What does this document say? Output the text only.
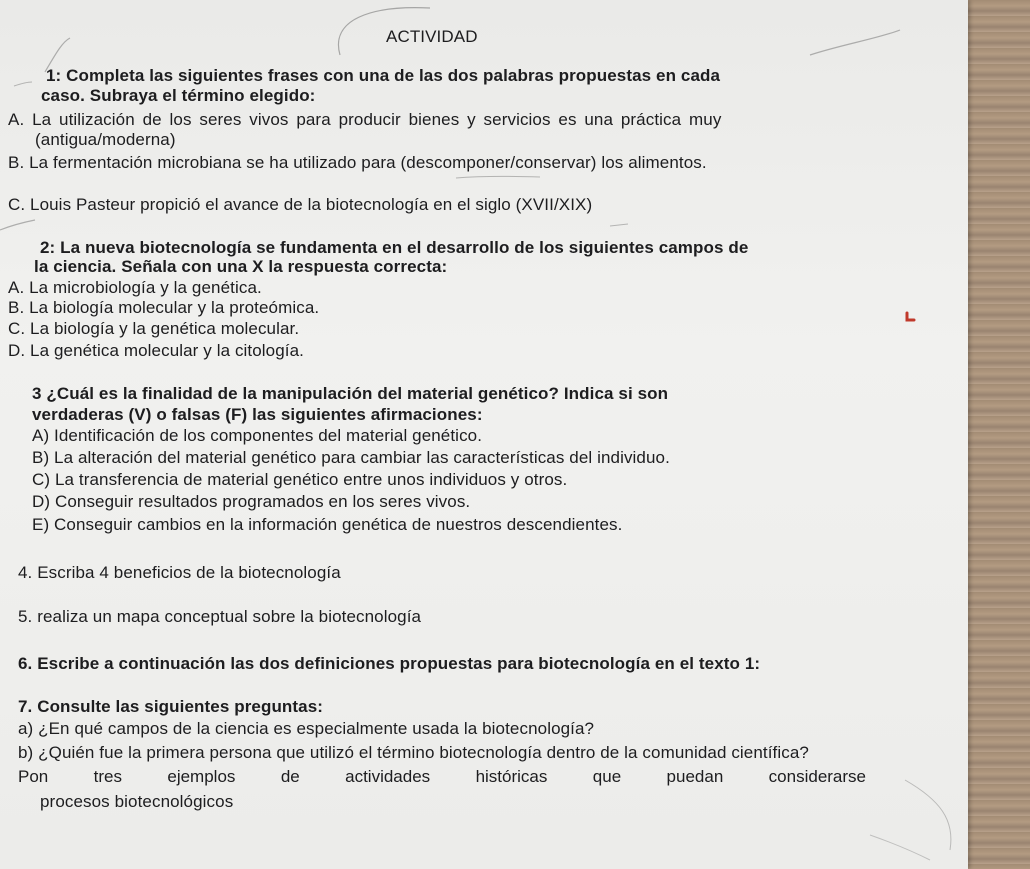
ACTIVIDAD
1: Completa las siguientes frases con una de las dos palabras propuestas en cada
caso. Subraya el término elegido:
A. La utilización de los seres vivos para producir bienes y servicios es una práctica muy
(antigua/moderna)
B. La fermentación microbiana se ha utilizado para (descomponer/conservar) los alimentos.
C. Louis Pasteur propició el avance de la biotecnología en el siglo (XVII/XIX)
2: La nueva biotecnología se fundamenta en el desarrollo de los siguientes campos de
la ciencia. Señala con una X la respuesta correcta:
A. La microbiología y la genética.
B. La biología molecular y la proteómica.
C. La biología y la genética molecular.
D. La genética molecular y la citología.
3 ¿Cuál es la finalidad de la manipulación del material genético? Indica si son
verdaderas (V) o falsas (F) las siguientes afirmaciones:
A) Identificación de los componentes del material genético.
B) La alteración del material genético para cambiar las características del individuo.
C) La transferencia de material genético entre unos individuos y otros.
D) Conseguir resultados programados en los seres vivos.
E) Conseguir cambios en la información genética de nuestros descendientes.
4. Escriba 4 beneficios de la biotecnología
5. realiza un mapa conceptual sobre la biotecnología
6. Escribe a continuación las dos definiciones propuestas para biotecnología en el texto 1:
7. Consulte las siguientes preguntas:
a) ¿En qué campos de la ciencia es especialmente usada la biotecnología?
b) ¿Quién fue la primera persona que utilizó el término biotecnología dentro de la comunidad científica?
Pon	tres	ejemplos	de	actividades	históricas	que	puedan	considerarse
procesos biotecnológicos
